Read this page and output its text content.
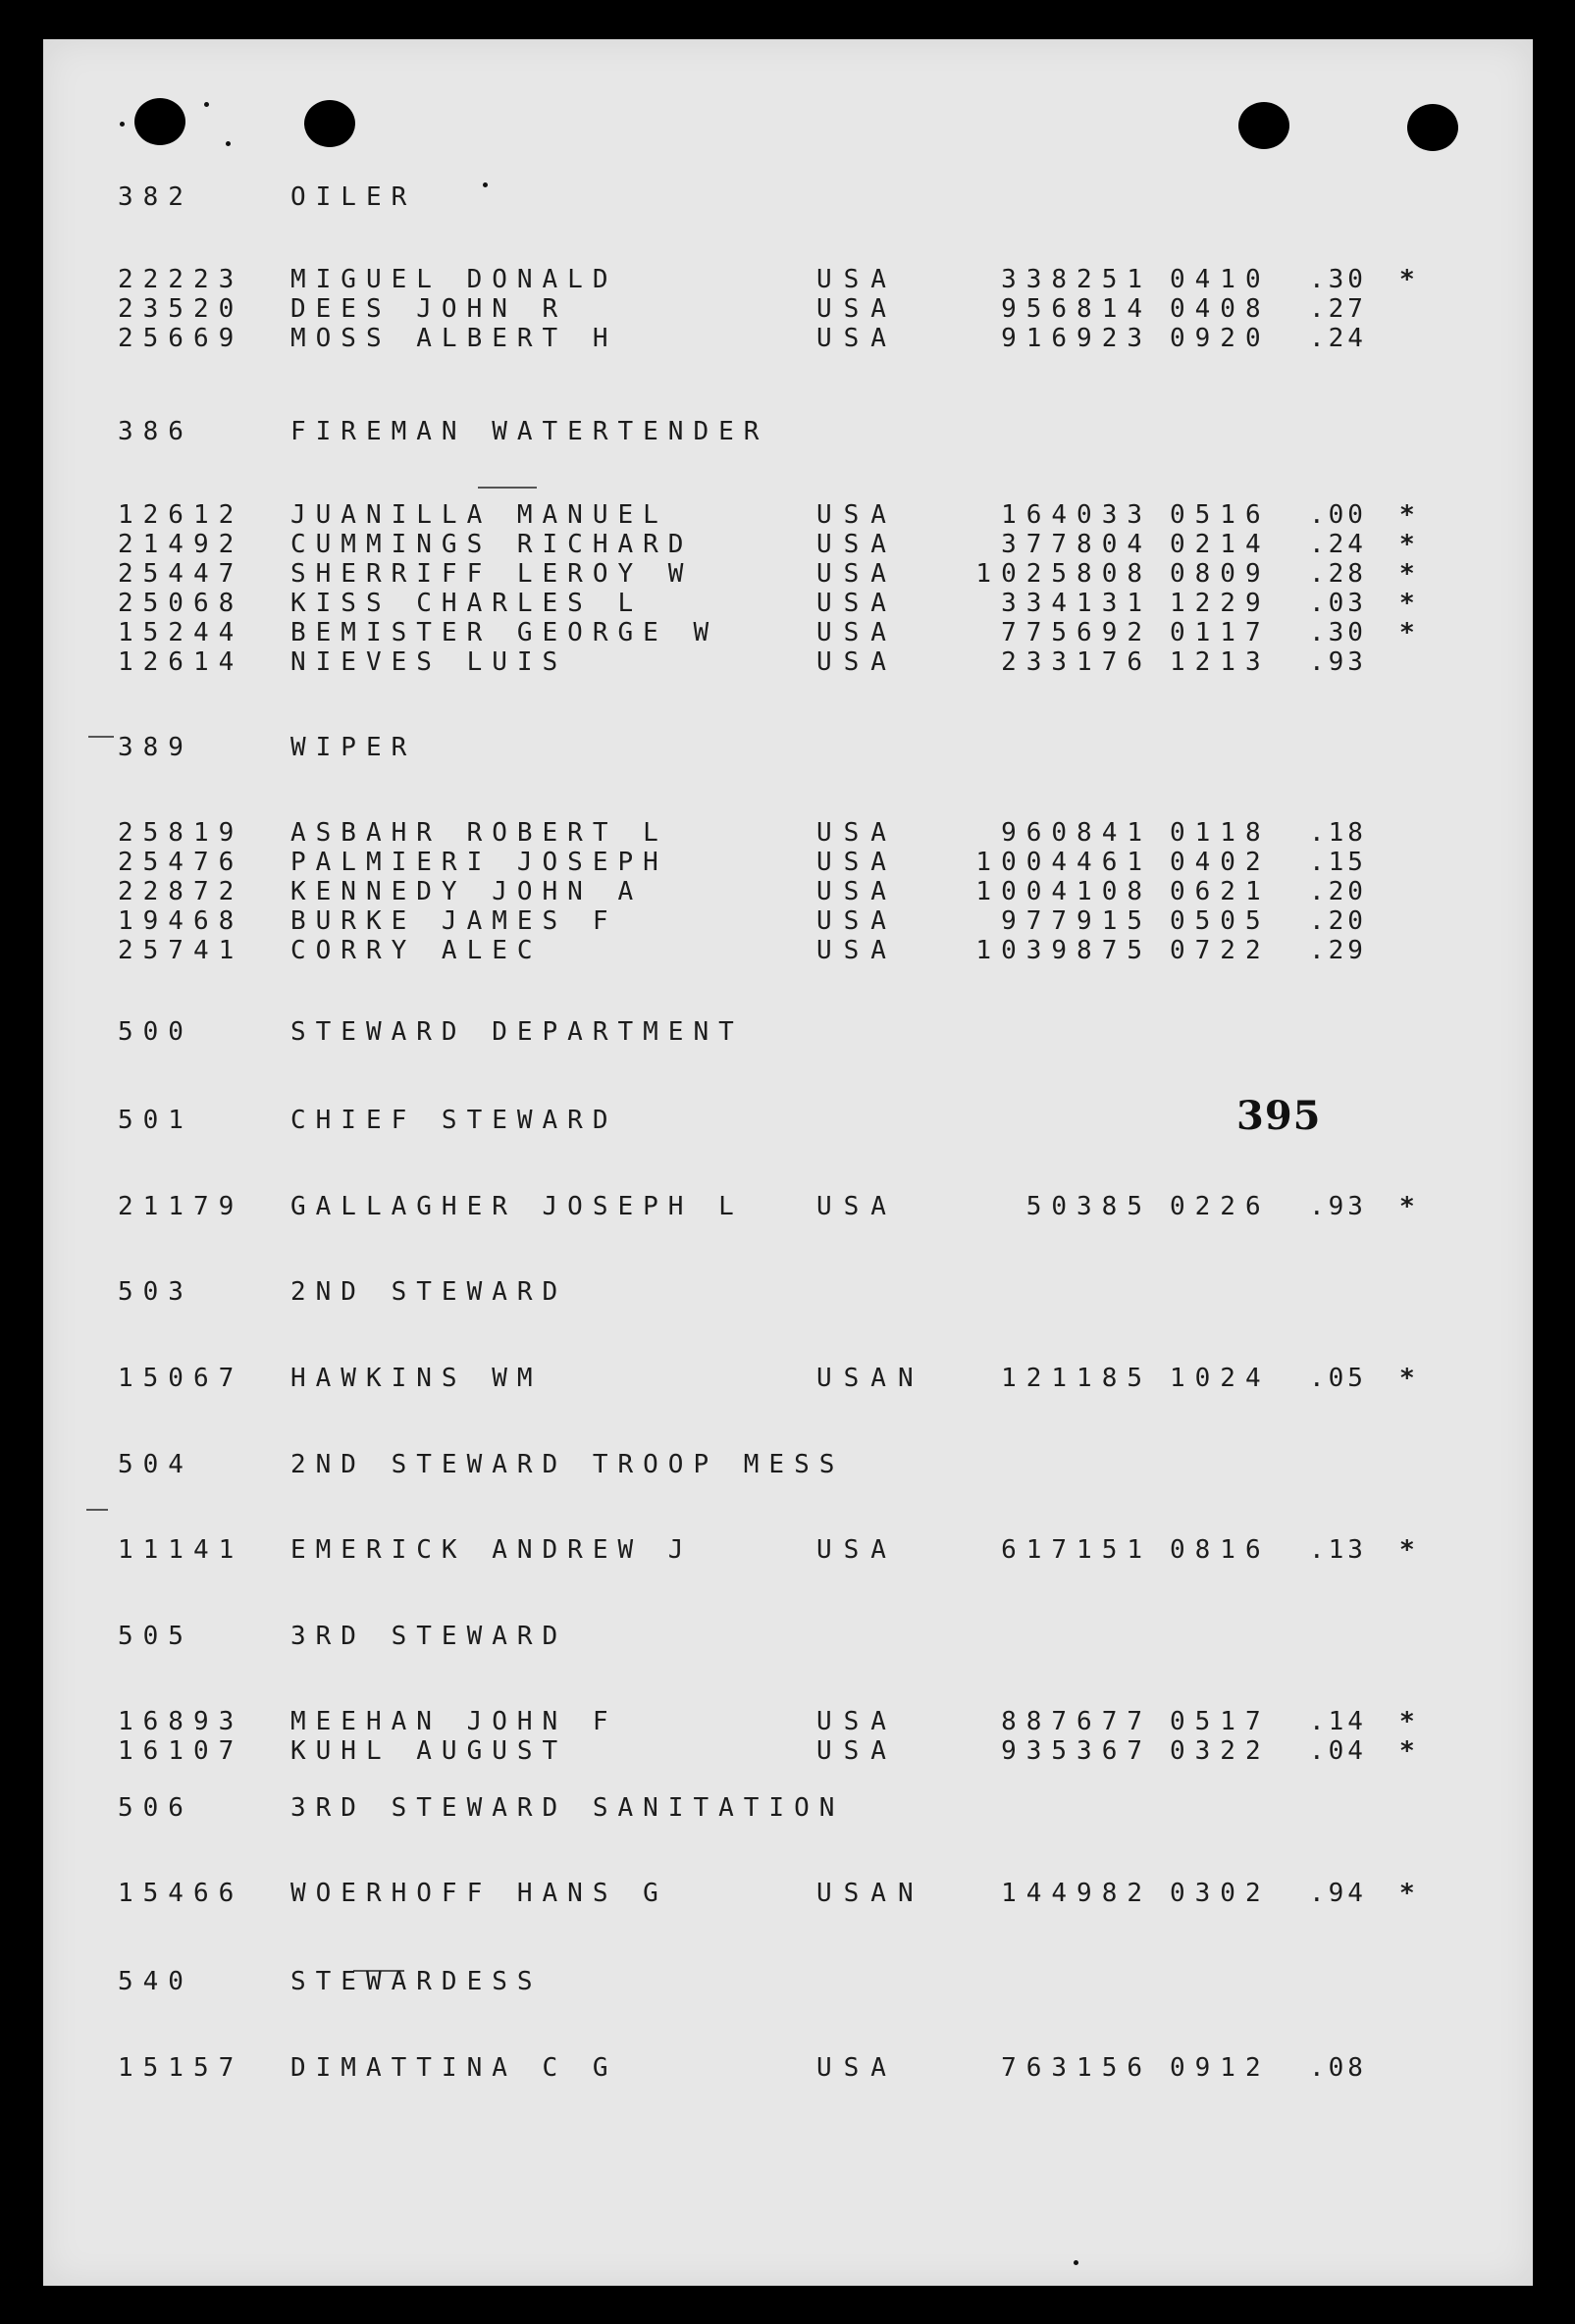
395
382	OILER
22223 MIGUEL DONALD	USA	338251 0410 .30	*
23520 DEES JOHN R	USA	956814 0408 .27
25669 MOSS ALBERT H	USA	916923 0920 .24
386	FIREMAN WATERTENDER
12612 JUANILLA MANUEL	USA	164033 0516 .00	*
21492 CUMMINGS RICHARD	USA	377804 0214 .24	*
25447 SHERRIFF LEROY W	USA	1025808 0809 .28	*
25068 KISS CHARLES L	USA	334131 1229 .03	*
15244 BEMISTER GEORGE W	USA	775692 0117 .30	*
12614 NIEVES LUIS	USA	233176 1213 .93
389	WIPER
25819 ASBAHR ROBERT L	USA	960841 0118 .18
25476 PALMIERI JOSEPH	USA	1004461 0402 .15
22872 KENNEDY JOHN A	USA	1004108 0621 .20
19468 BURKE JAMES F	USA	977915 0505 .20
25741 CORRY ALEC	USA	1039875 0722 .29
500	STEWARD DEPARTMENT
501	CHIEF STEWARD
21179 GALLAGHER JOSEPH L	USA	50385 0226 .93	*
503	2ND STEWARD
15067 HAWKINS WM	USAN	121185 1024 .05	*
504	2ND STEWARD TROOP MESS
11141 EMERICK ANDREW J	USA	617151 0816 .13	*
505	3RD STEWARD
16893 MEEHAN JOHN F	USA	887677 0517 .14	*
16107 KUHL AUGUST	USA	935367 0322 .04	*
506	3RD STEWARD SANITATION
15466 WOERHOFF HANS G	USAN	144982 0302 .94	*
540	STEWARDESS
15157 DIMATTINA C G	USA	763156 0912 .08
